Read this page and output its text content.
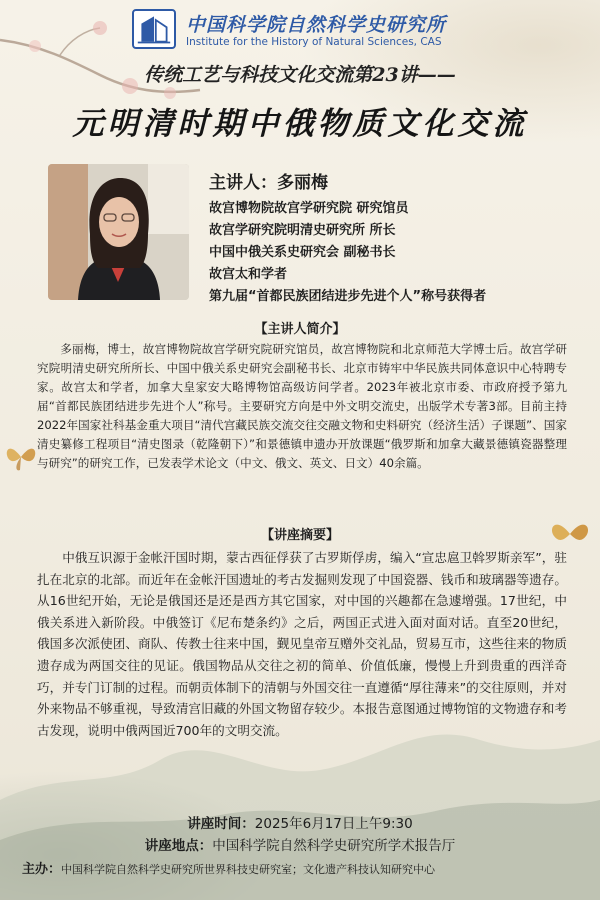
中国科学院自然科学史研究所
Institute for the History of Natural Sciences, CAS
传统工艺与科技文化交流第23讲——
元明清时期中俄物质文化交流
主讲人：多丽梅
故宫博物院故宫学研究院 研究馆员
故宫学研究院明清史研究所 所长
中国中俄关系史研究会 副秘书长
故宫太和学者
第九届“首都民族团结进步先进个人”称号获得者
【主讲人简介】
多丽梅，博士，故宫博物院故宫学研究院研究馆员，故宫博物院和北京师范大学博士后。故宫学研究院明清史研究所所长、中国中俄关系史研究会副秘书长、北京市铸牢中华民族共同体意识中心特聘专家。故宫太和学者，加拿大皇家安大略博物馆高级访问学者。2023年被北京市委、市政府授予第九届“首都民族团结进步先进个人”称号。主要研究方向是中外文明交流史，出版学术专著3部。目前主持2022年国家社科基金重大项目“清代宫藏民族交流交往交融文物和史料研究（经济生活）子课题”、国家清史纂修工程项目“清史图录（乾隆朝下）”和景德镇申遗办开放课题“俄罗斯和加拿大藏景德镇瓷器整理与研究”的研究工作，已发表学术论文（中文、俄文、英文、日文）40余篇。
【讲座摘要】
中俄互识源于金帐汗国时期，蒙古西征俘获了古罗斯俘虏，编入“宣忠扈卫斡罗斯亲军”，驻扎在北京的北部。而近年在金帐汗国遗址的考古发掘则发现了中国瓷器、钱币和玻璃器等遗存。从16世纪开始，无论是俄国还是还是西方其它国家，对中国的兴趣都在急遽增强。17世纪，中俄关系进入新阶段。中俄签订《尼布楚条约》之后，两国正式进入面对面对话。直至20世纪，俄国多次派使团、商队、传教士往来中国，觐见皇帝互赠外交礼品，贸易互市，这些往来的物质遗存成为两国交往的见证。俄国物品从交往之初的简单、价值低廉，慢慢上升到贵重的西洋奇巧，并专门订制的过程。而朝贡体制下的清朝与外国交往一直遵循“厚往薄来”的交往原则，并对外来物品不够重视，导致清宫旧藏的外国文物留存较少。本报告意图通过博物馆的文物遗存和考古发现，说明中俄两国近700年的文明交流。
讲座时间：2025年6月17日上午9:30
讲座地点：中国科学院自然科学史研究所学术报告厅
主办：中国科学院自然科学史研究所世界科技史研究室；文化遗产科技认知研究中心
